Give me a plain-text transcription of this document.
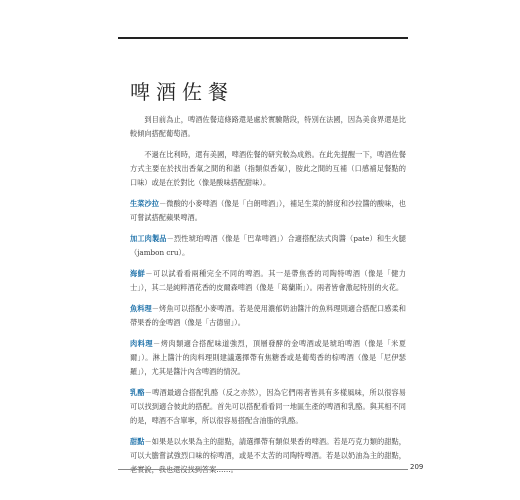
啤酒佐餐

到目前為止，啤酒佐餐這條路還是處於實驗階段，特別在法國，因為美食界還是比較傾向搭配葡萄酒。

不過在比利時，還有美國，啤酒佐餐的研究較為成熟。在此先提醒一下，啤酒佐餐方式主要在於找出香氣之間的和諧（指類似香氣），胺此之間的互補（口感補足餐點的口味）或是在於對比（像是酸味搭配甜味）。

生菜沙拉－微酸的小麥啤酒（像是「白朗啤酒」），補足生菜的鮮度和沙拉醬的酸味，也可嘗試搭配蘋果啤酒。

加工肉製品－烈性琥珀啤酒（像是「巴韋啤酒」）合適搭配法式肉醬（pate）和生火腿（jambon cru）。

海鮮－可以試看看兩種完全不同的啤酒。其一是帶焦香的司陶特啤酒（像是「健力士」），其二是純粹酒花香的皮爾森啤酒（像是「葛蘭斯」）。兩者皆會激起特別的火花。

魚料理－烤魚可以搭配小麥啤酒。若是使用濃郁奶油醬汁的魚料理則適合搭配口感柔和帶果香的金啤酒（像是「古德留」）。

肉料理－烤肉類適合搭配味道強烈，頂層發酵的金啤酒或是琥珀啤酒（像是「米夏爾」）。淋上醬汁的肉料理則建議選擇帶有焦糖香或是葡萄香的棕啤酒（像是「尼伊瑟羅」），尤其是醬汁內含啤酒的情況。

乳酪－啤酒最適合搭配乳酪（反之亦然），因為它們兩者皆具有多樣風味，所以很容易可以找到適合彼此的搭配。首先可以搭配看看同一地區生產的啤酒和乳酪。與其相不同的是，啤酒不含單寧，所以很容易搭配含油脂的乳酪。

甜點－如果是以水果為主的甜點，請選擇帶有類似果香的啤酒。若是巧克力類的甜點，可以大膽嘗試強烈口味的棕啤酒，或是不太苦的司陶特啤酒。若是以奶油為主的甜點，

209
